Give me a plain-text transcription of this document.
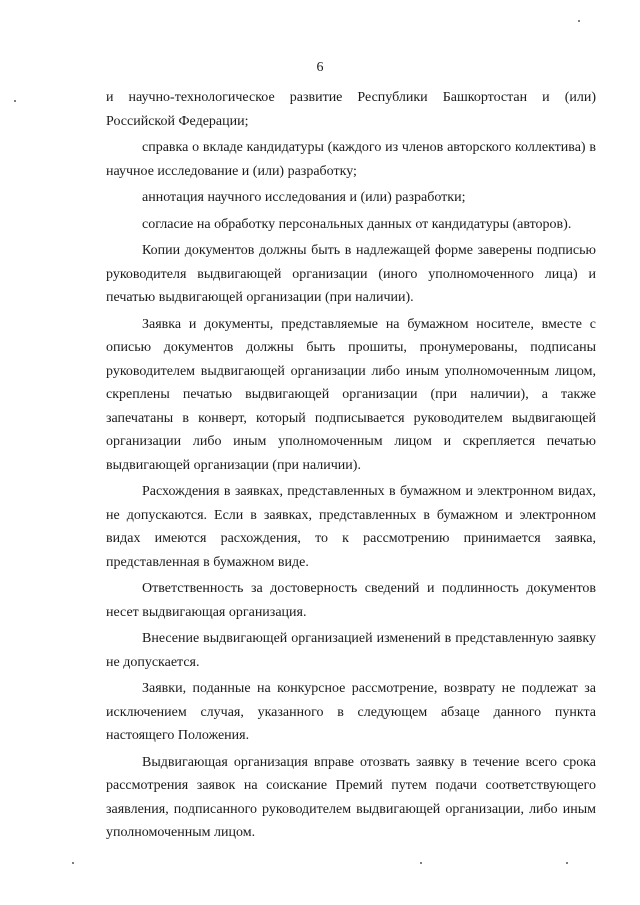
6

и научно-технологическое развитие Республики Башкортостан и (или) Российской Федерации;

справка о вкладе кандидатуры (каждого из членов авторского коллектива) в научное исследование и (или) разработку;

аннотация научного исследования и (или) разработки;

согласие на обработку персональных данных от кандидатуры (авторов).

Копии документов должны быть в надлежащей форме заверены подписью руководителя выдвигающей организации (иного уполномоченного лица) и печатью выдвигающей организации (при наличии).

Заявка и документы, представляемые на бумажном носителе, вместе с описью документов должны быть прошиты, пронумерованы, подписаны руководителем выдвигающей организации либо иным уполномоченным лицом, скреплены печатью выдвигающей организации (при наличии), а также запечатаны в конверт, который подписывается руководителем выдвигающей организации либо иным уполномоченным лицом и скрепляется печатью выдвигающей организации (при наличии).

Расхождения в заявках, представленных в бумажном и электронном видах, не допускаются. Если в заявках, представленных в бумажном и электронном видах имеются расхождения, то к рассмотрению принимается заявка, представленная в бумажном виде.

Ответственность за достоверность сведений и подлинность документов несет выдвигающая организация.

Внесение выдвигающей организацией изменений в представленную заявку не допускается.

Заявки, поданные на конкурсное рассмотрение, возврату не подлежат за исключением случая, указанного в следующем абзаце данного пункта настоящего Положения.

Выдвигающая организация вправе отозвать заявку в течение всего срока рассмотрения заявок на соискание Премий путем подачи соответствующего заявления, подписанного руководителем выдвигающей организации, либо иным уполномоченным лицом.
